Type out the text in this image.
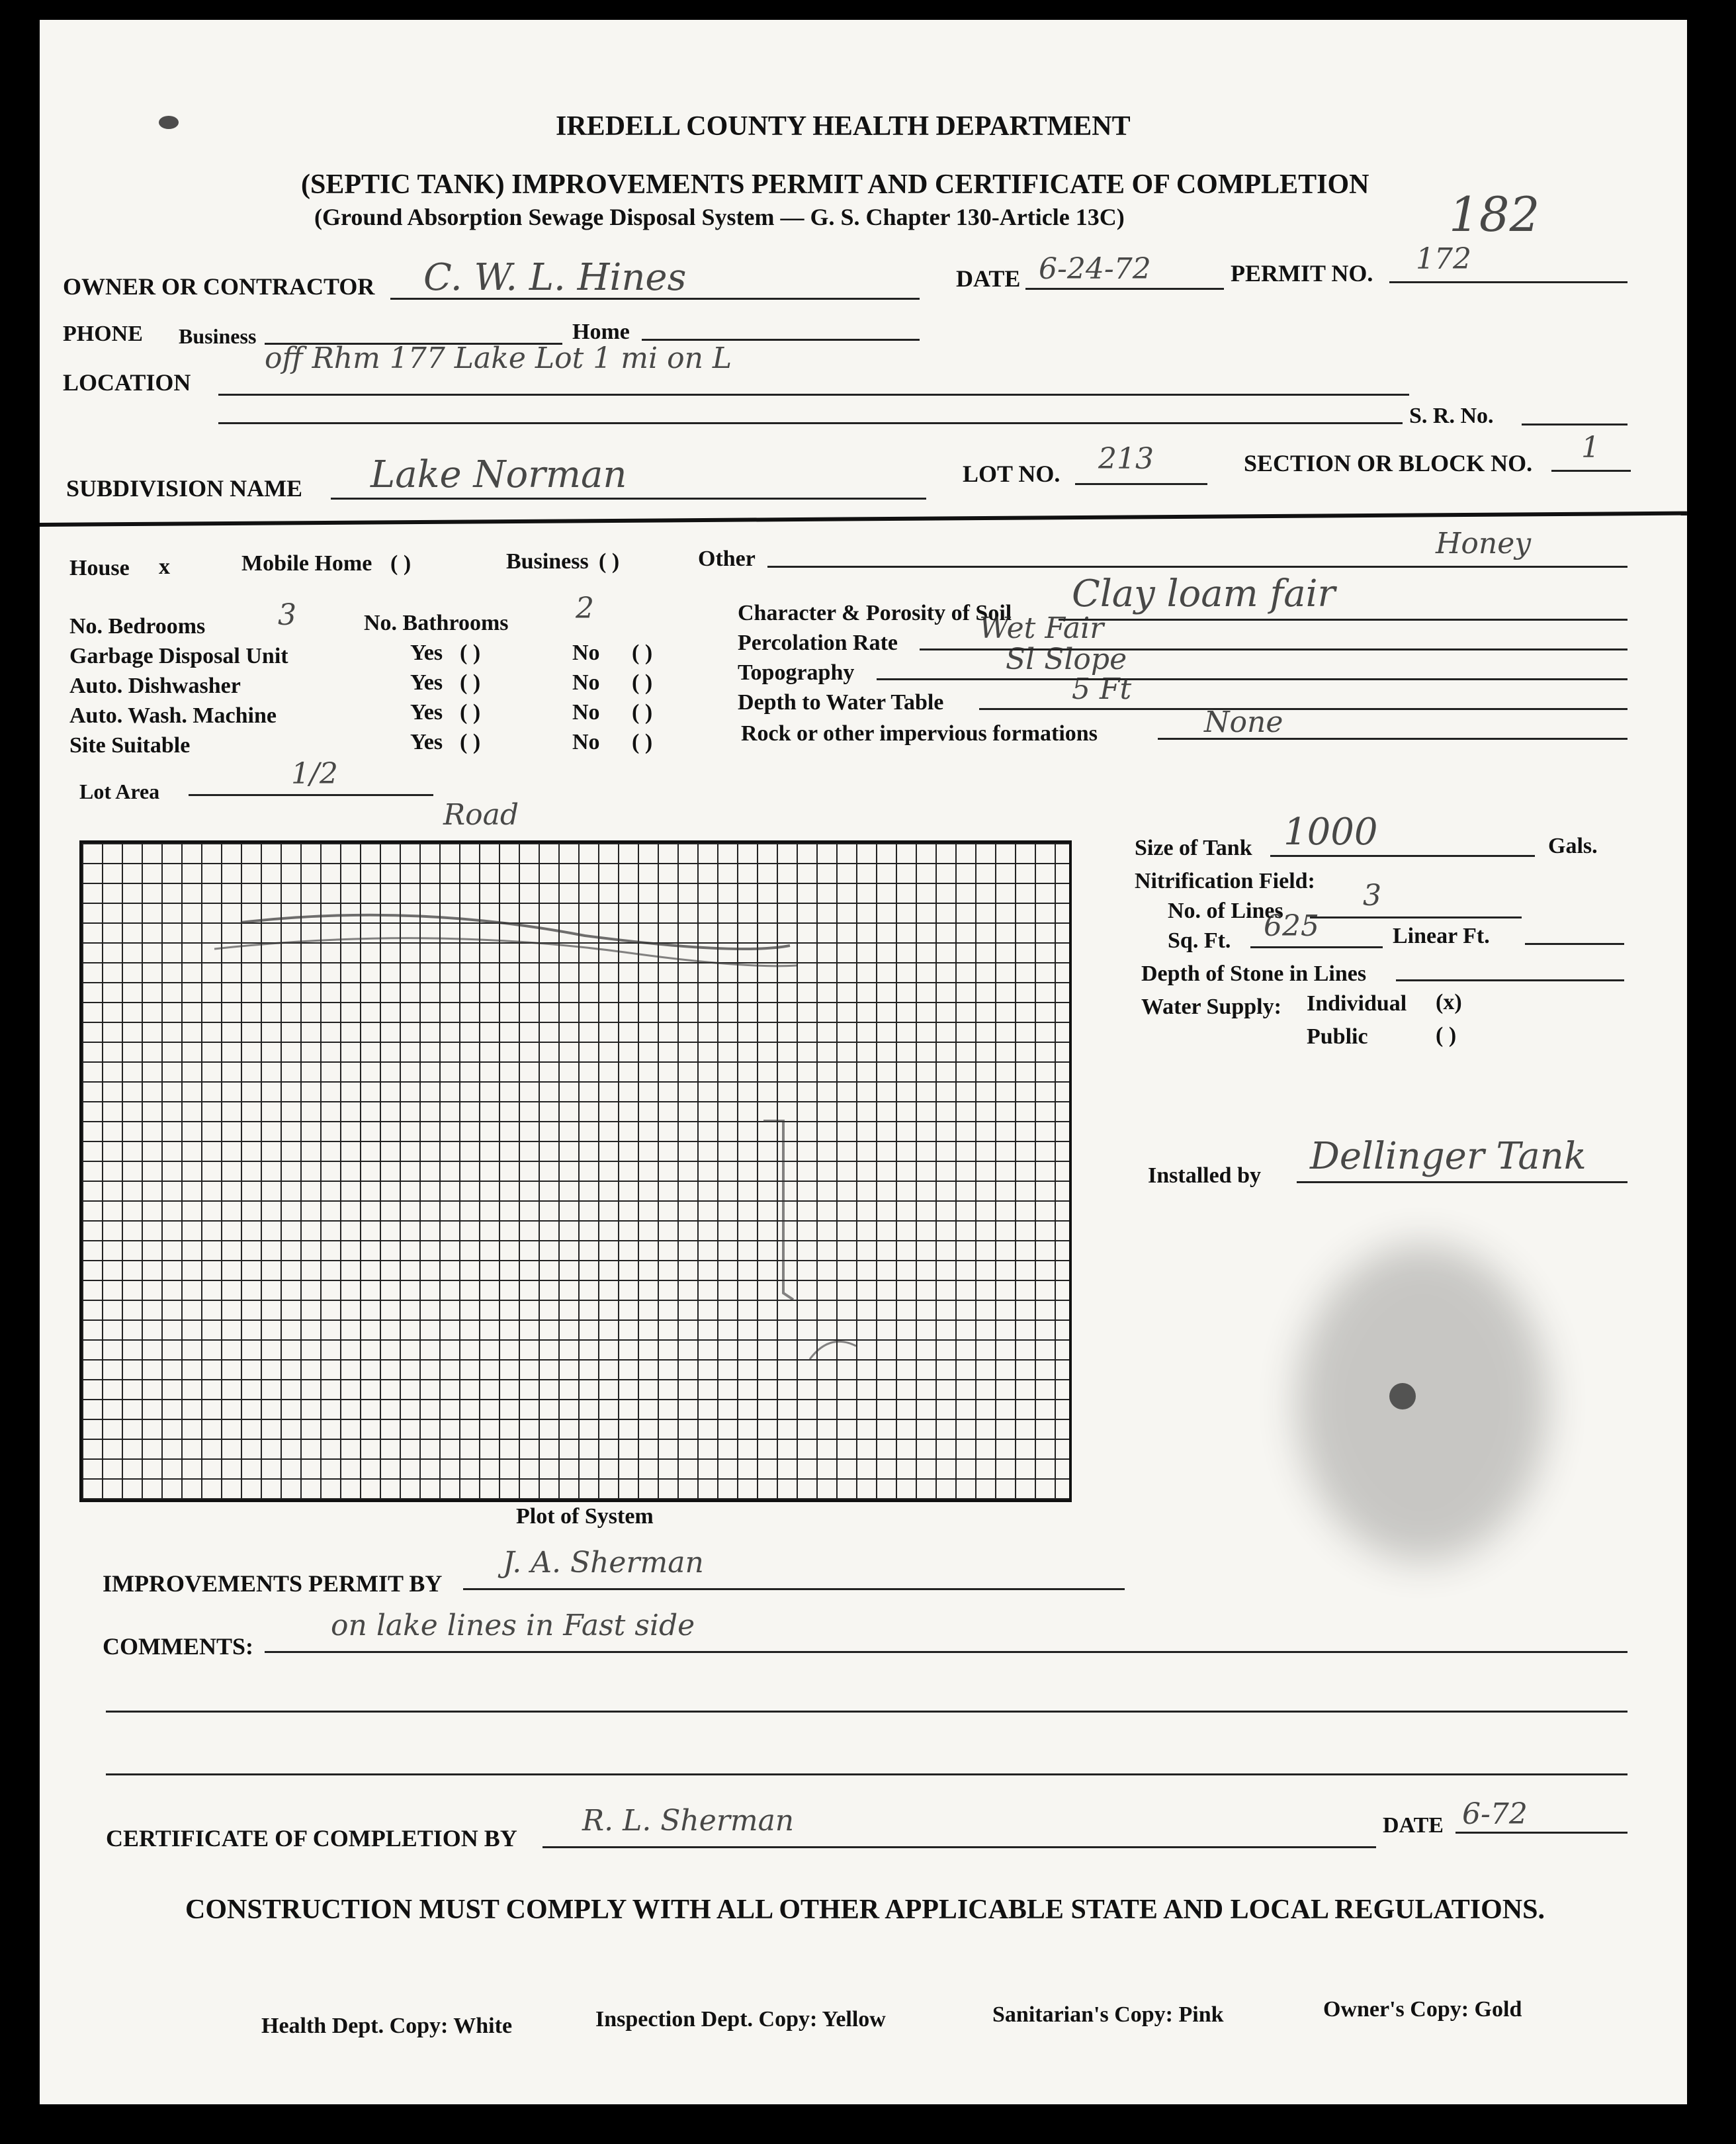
IREDELL COUNTY HEALTH DEPARTMENT
(SEPTIC TANK) IMPROVEMENTS PERMIT AND CERTIFICATE OF COMPLETION
(Ground Absorption Sewage Disposal System — G. S. Chapter 130-Article 13C)	182
OWNER OR CONTRACTOR C. W. L. Hines	DATE 6-24-72	PERMIT NO. 172
PHONE Business	Home
LOCATION
off Rhm 177 Lake Lot 1 mi on L
S. R. No.
SUBDIVISION NAME Lake Norman	LOT NO. 213	SECTION OR BLOCK NO. 1
House x	Mobile Home ( )	Business ( )	Other	Honey
No. Bedrooms 3	No. Bathrooms 2
Garbage Disposal Unit	Yes ( )	No ( )
Auto. Dishwasher	Yes ( )	No ( )
Auto. Wash. Machine	Yes ( )	No ( )
Site Suitable	Yes ( )	No ( )
Lot Area
1/2
Character & Porosity of Soil Clay loam fair
Percolation Rate	Wet Fair
Topography	Sl Slope
Depth to Water Table	5 Ft
Rock or other impervious formations	None
Road
Plot of System
Size of Tank 1000	Gals.
Nitrification Field:
No. of Lines	3
Sq. Ft. 625	Linear Ft.
Depth of Stone in Lines
Water Supply: Individual (x)
Public	( )
Installed by Dellinger Tank
IMPROVEMENTS PERMIT BY
J. A. Sherman
COMMENTS:
on lake lines in Fast side
CERTIFICATE OF COMPLETION BY
R. L. Sherman	DATE 6-72
CONSTRUCTION MUST COMPLY WITH ALL OTHER APPLICABLE STATE AND LOCAL REGULATIONS.
Health Dept. Copy: White	Inspection Dept. Copy: Yellow	Sanitarian's Copy: Pink	Owner's Copy: Gold
